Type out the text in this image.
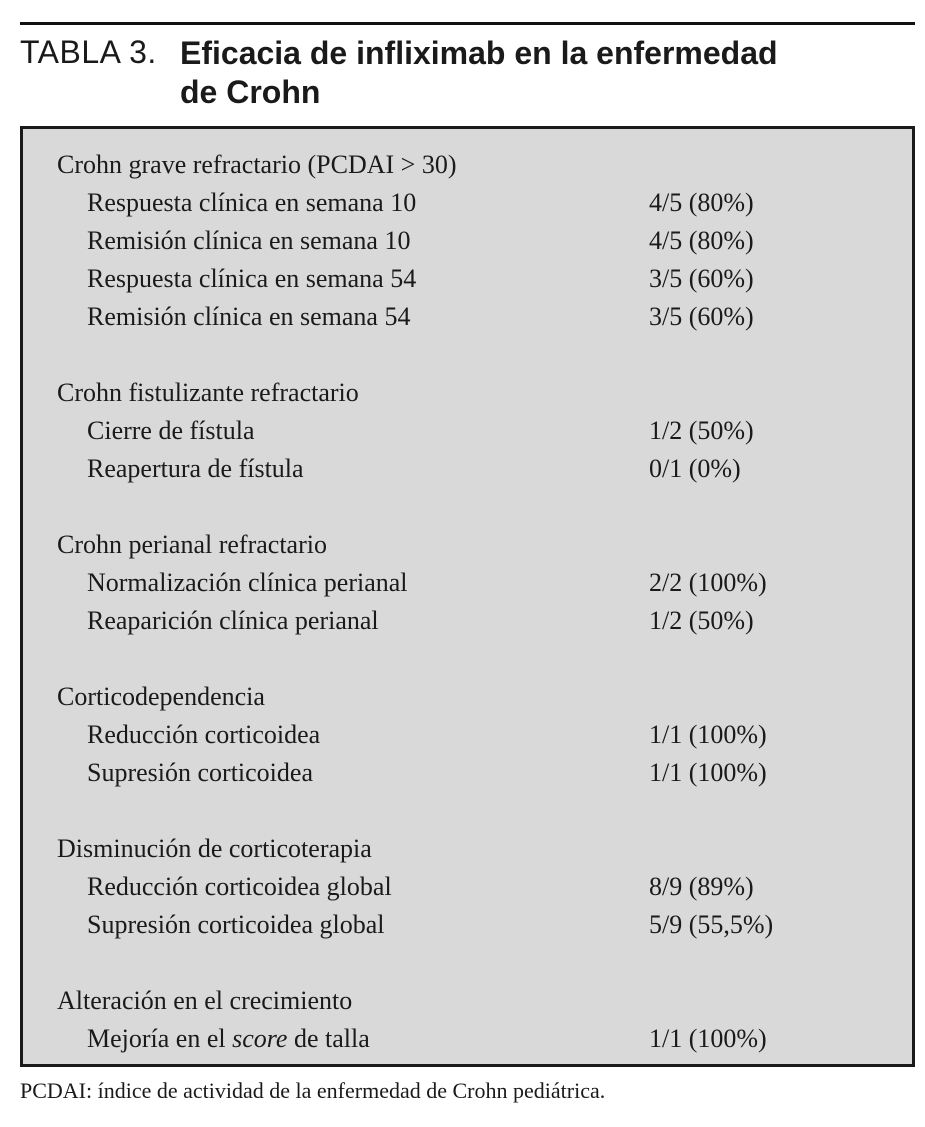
TABLA 3. Eficacia de infliximab en la enfermedad
de Crohn
Crohn grave refractario (PCDAI > 30)
Respuesta clínica en semana 10	4/5 (80%)
Remisión clínica en semana 10	4/5 (80%)
Respuesta clínica en semana 54	3/5 (60%)
Remisión clínica en semana 54	3/5 (60%)
Crohn fistulizante refractario
Cierre de fístula	1/2 (50%)
Reapertura de fístula	0/1 (0%)
Crohn perianal refractario
Normalización clínica perianal	2/2 (100%)
Reaparición clínica perianal	1/2 (50%)
Corticodependencia
Reducción corticoidea	1/1 (100%)
Supresión corticoidea	1/1 (100%)
Disminución de corticoterapia
Reducción corticoidea global	8/9 (89%)
Supresión corticoidea global	5/9 (55,5%)
Alteración en el crecimiento
Mejoría en el score de talla	1/1 (100%)
PCDAI: índice de actividad de la enfermedad de Crohn pediátrica.
